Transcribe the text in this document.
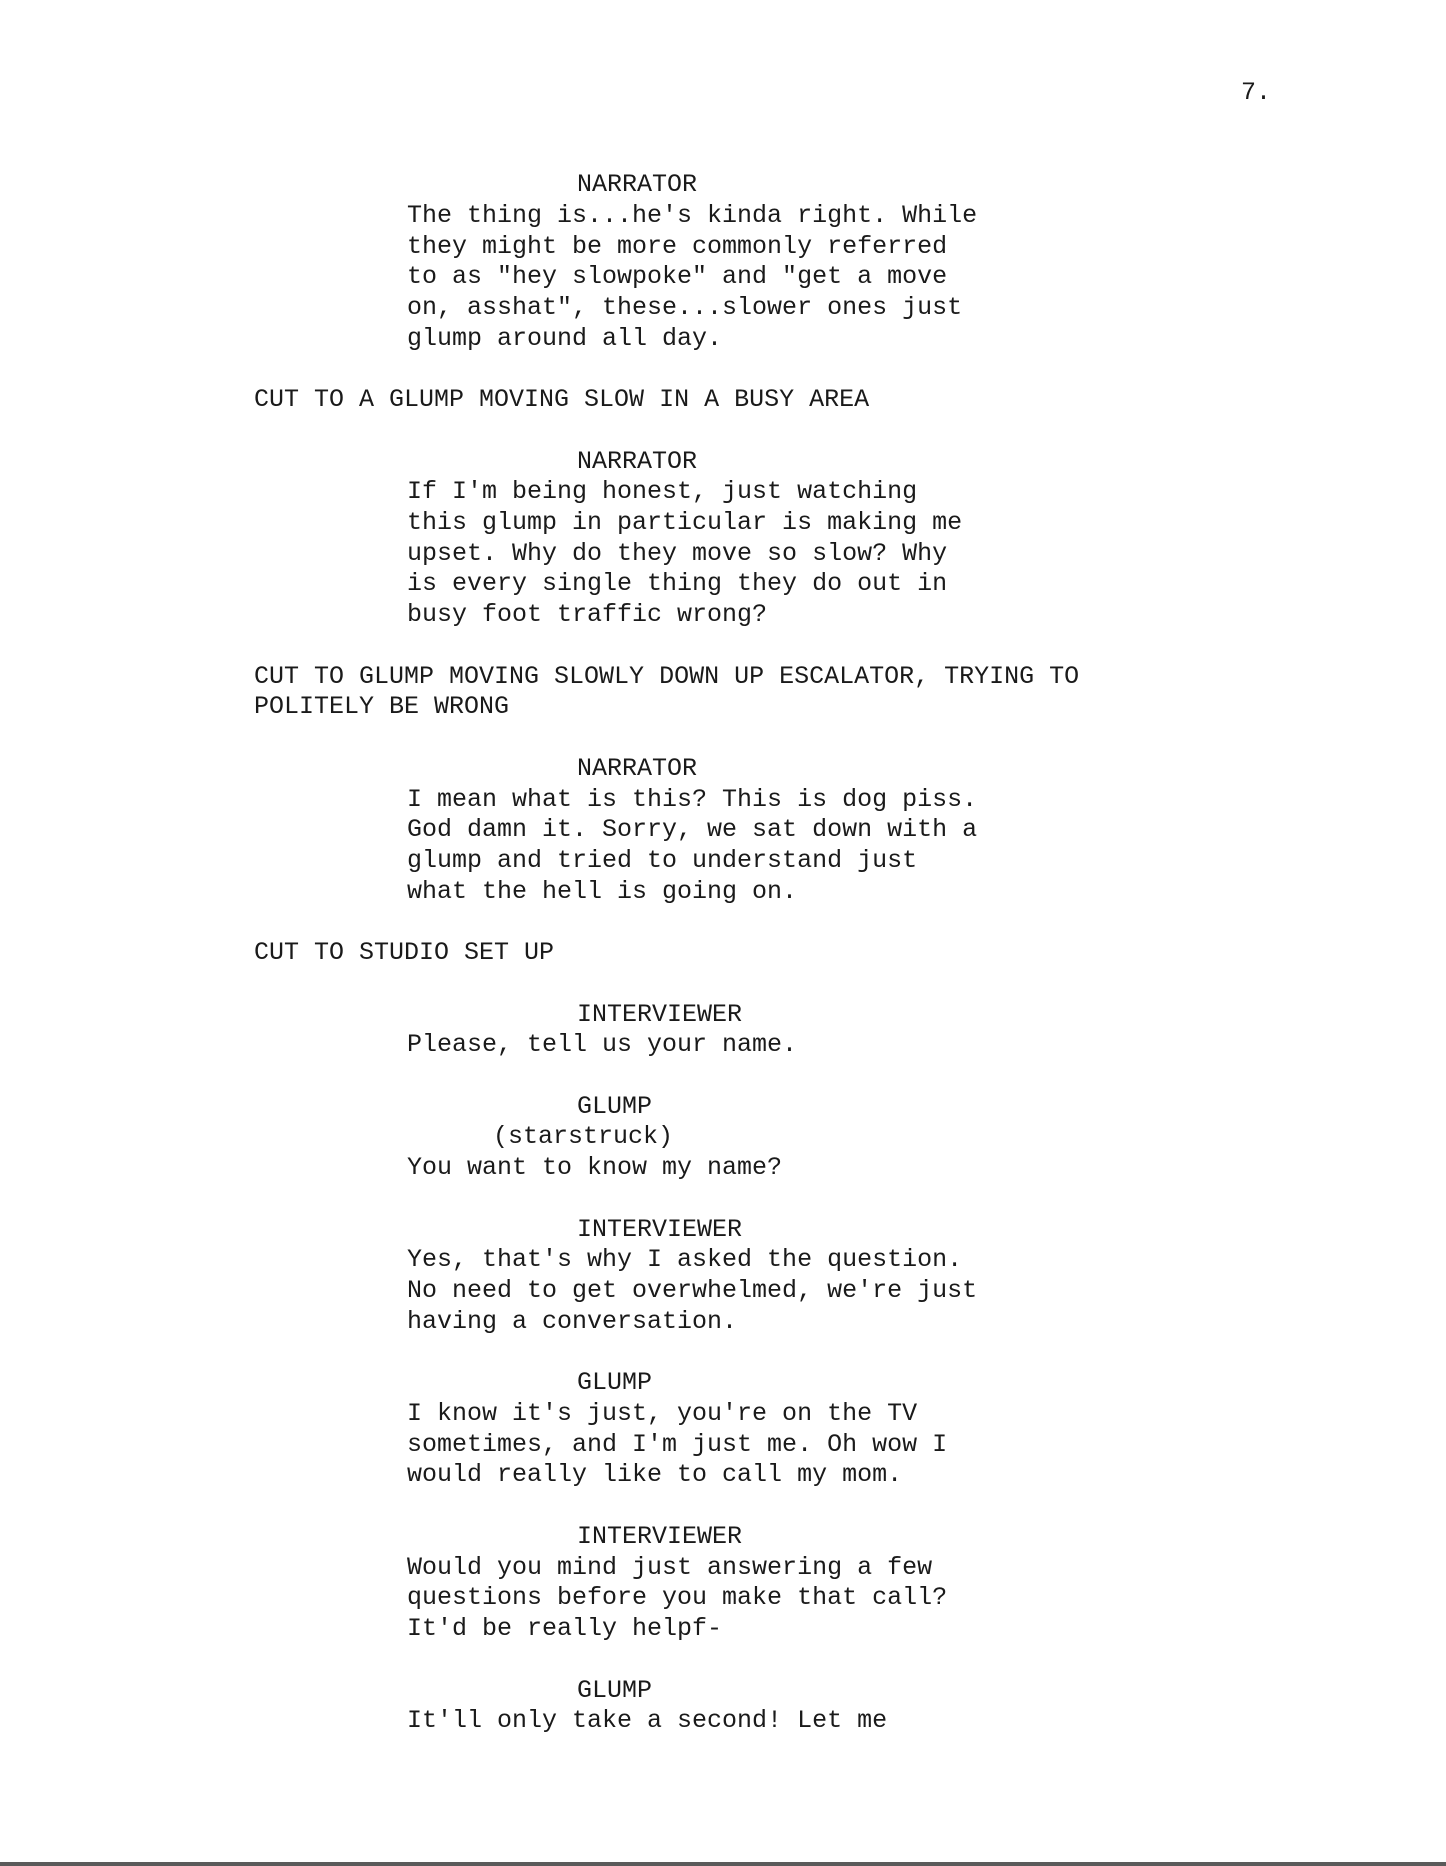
7.
NARRATOR
The thing is...he's kinda right. While
they might be more commonly referred
to as "hey slowpoke" and "get a move
on, asshat", these...slower ones just
glump around all day.
CUT TO A GLUMP MOVING SLOW IN A BUSY AREA
NARRATOR
If I'm being honest, just watching
this glump in particular is making me
upset. Why do they move so slow? Why
is every single thing they do out in
busy foot traffic wrong?
CUT TO GLUMP MOVING SLOWLY DOWN UP ESCALATOR, TRYING TO
POLITELY BE WRONG
NARRATOR
I mean what is this? This is dog piss.
God damn it. Sorry, we sat down with a
glump and tried to understand just
what the hell is going on.
CUT TO STUDIO SET UP
INTERVIEWER
Please, tell us your name.
GLUMP
(starstruck)
You want to know my name?
INTERVIEWER
Yes, that's why I asked the question.
No need to get overwhelmed, we're just
having a conversation.
GLUMP
I know it's just, you're on the TV
sometimes, and I'm just me. Oh wow I
would really like to call my mom.
INTERVIEWER
Would you mind just answering a few
questions before you make that call?
It'd be really helpf-
GLUMP
It'll only take a second! Let me
